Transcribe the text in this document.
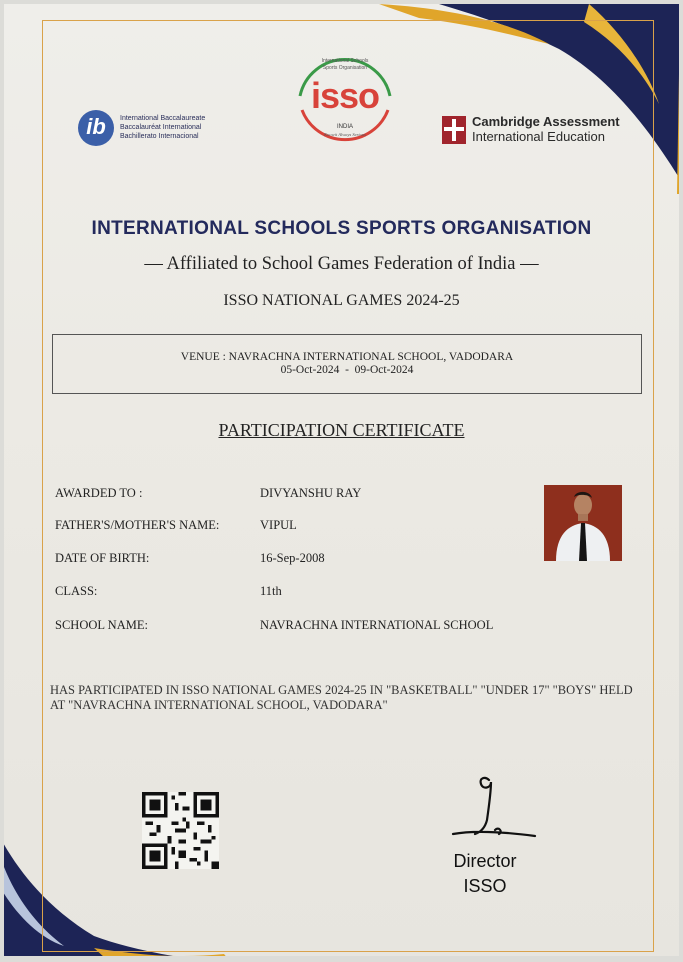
ib	International Baccalaureate
Baccalauréat International
Bachillerato Internacional
International Schools
Sports Organisation
isso
INDIA
Knowit Always Serious
Cambridge Assessment
International Education
INTERNATIONAL SCHOOLS SPORTS ORGANISATION
— Affiliated to School Games Federation of India —
ISSO NATIONAL GAMES 2024-25
VENUE : NAVRACHNA INTERNATIONAL SCHOOL, VADODARA
05-Oct-2024 - 09-Oct-2024
PARTICIPATION CERTIFICATE
AWARDED TO :	DIVYANSHU RAY
FATHER'S/MOTHER'S NAME:	VIPUL
DATE OF BIRTH:	16-Sep-2008
CLASS:	11th
SCHOOL NAME:	NAVRACHNA INTERNATIONAL SCHOOL
HAS PARTICIPATED IN ISSO NATIONAL GAMES 2024-25 IN "BASKETBALL" "UNDER 17" "BOYS" HELD AT "NAVRACHNA INTERNATIONAL SCHOOL, VADODARA"
Director
ISSO
